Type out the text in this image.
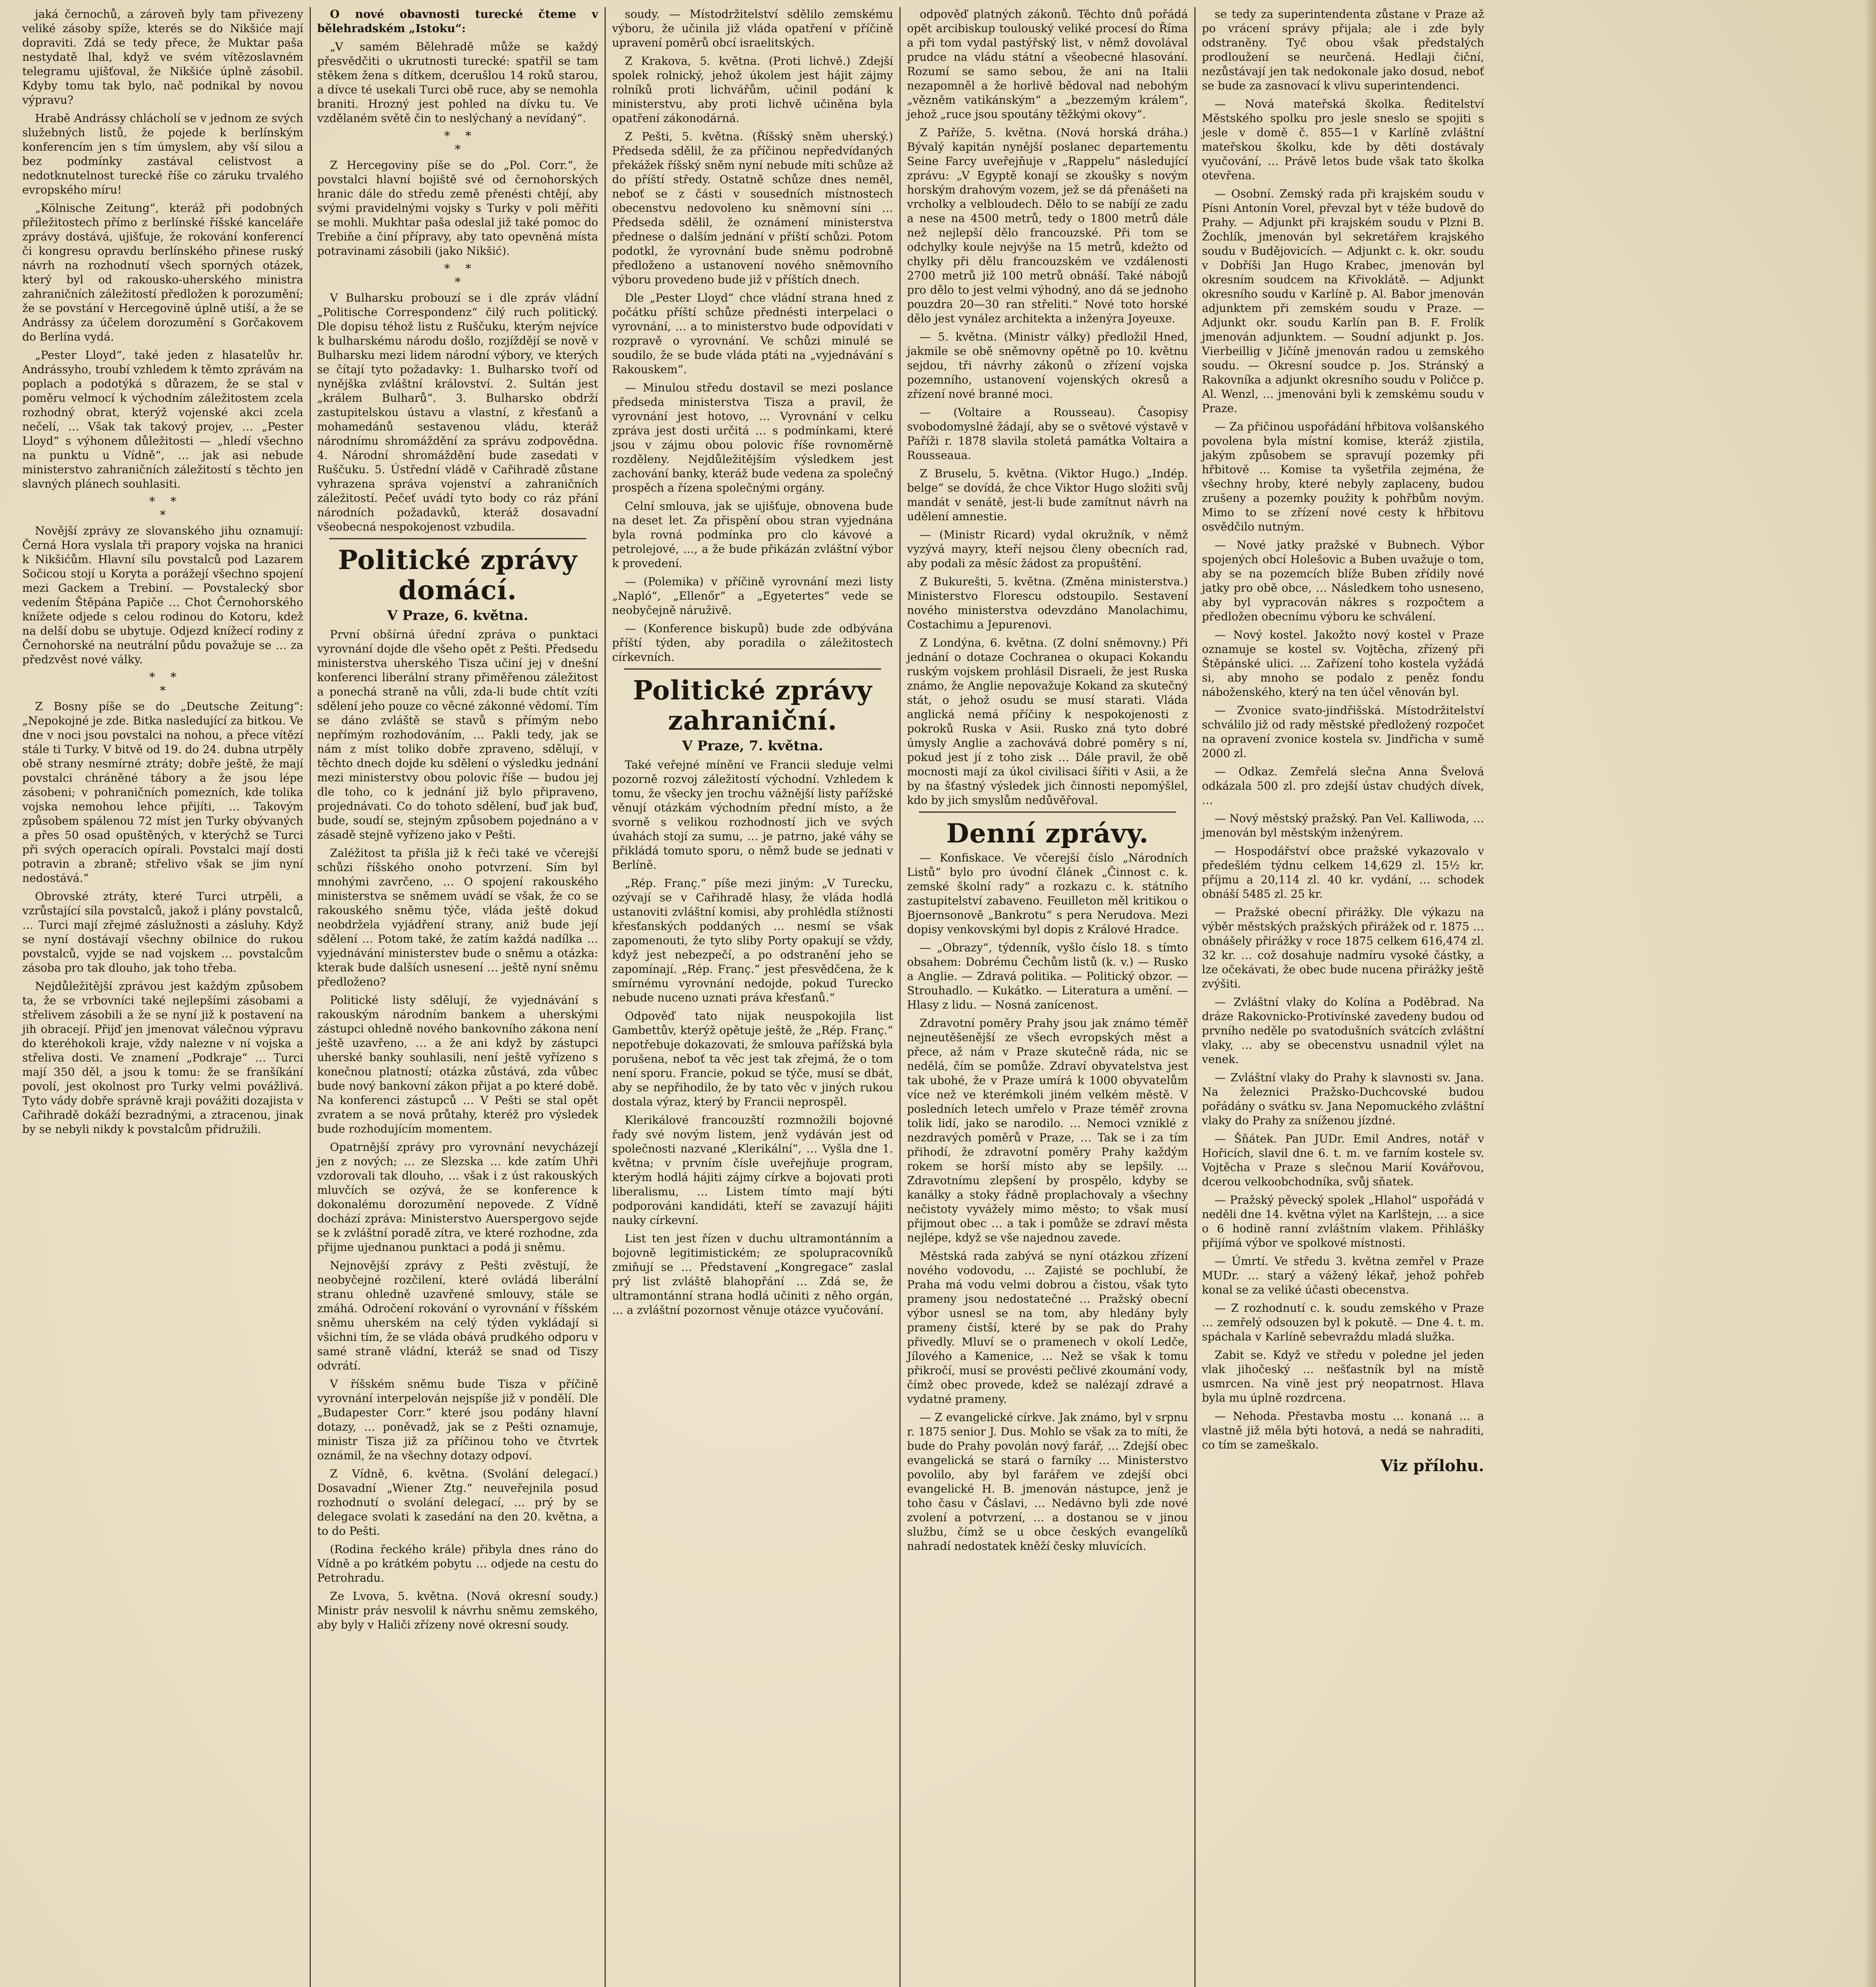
jaká černochů, a zároveň byly tam přivezeny veliké zásoby spíže, kterés se do Nikšiće mají dopraviti. Zdá se tedy přece, že Muktar paša nestydatě lhal, když ve svém vítězoslavném telegramu ujišťoval, že Nikšiće úplně zásobil. Kdyby tomu tak bylo, nač podnikal by novou výpravu?

Hrabě Andrássy chlácholí se v jednom ze svých služebných listů, že pojede k berlínským konferencím jen s tím úmyslem, aby vší silou a bez podmínky zastával celistvost a nedotknutelnost turecké říše co záruku trvalého evropského míru!

„Kölnische Zeitung“, kteráž při podobných příležitostech přímo z berlínské říšské kanceláře zprávy dostává, ujišťuje, že rokování konferencí či kongresu opravdu berlínského přinese ruský návrh na rozhodnutí všech sporných otázek, který byl od rakousko-uherského ministra zahraničních záležitostí předložen k porozumění; že se povstání v Hercegovině úplně utiší, a že se Andrássy za účelem dorozumění s Gorčakovem do Berlína vydá.

„Pester Lloyd“, také jeden z hlasatelův hr. Andrássyho, troubí vzhledem k těmto zprávám na poplach a podotýká s důrazem, že se stal v poměru velmocí k východním záležitostem zcela rozhodný obrat, kterýž vojenské akci zcela nečelí, … Však tak takový projev, … „Pester Lloyd“ s výhonem důležitosti — „hledí všechno na punktu u Vídně“, … jak asi nebude ministerstvo zahraničních záležitostí s těchto jen slavných plánech souhlasiti.

*    *
*

Novější zprávy ze slovanského jihu oznamují: Černá Hora vyslala tři prapory vojska na hranici k Nikšićům. Hlavní sílu povstalců pod Lazarem Sočicou stojí u Koryta a porážejí všechno spojení mezi Gackem a Trebiní. — Povstalecký sbor vedením Štěpána Papiče … Chot Černohorského knížete odjede s celou rodinou do Kotoru, kdež na delší dobu se ubytuje. Odjezd knížecí rodiny z Černohorské na neutrální půdu považuje se … za předzvěst nové války.

*    *
*

Z Bosny píše se do „Deutsche Zeitung“: „Nepokojné je zde. Bitka nasledující za bitkou. Ve dne v noci jsou povstalci na nohou, a přece vítězí stále ti Turky. V bitvě od 19. do 24. dubna utrpěly obě strany nesmírné ztráty; dobře ještě, že mají povstalci chráněné tábory a že jsou lépe zásobeni; v pohraničních pomezních, kde tolika vojska nemohou lehce přijíti, … Takovým způsobem spálenou 72 míst jen Turky obývaných a přes 50 osad opuštěných, v kterýchž se Turci při svých operacích opírali. Povstalci mají dosti potravin a zbraně; střelivo však se jim nyní nedostává.“

Obrovské ztráty, které Turci utrpěli, a vzrůstající síla povstalců, jakož i plány povstalců, … Turci mají zřejmé záslužnosti a zásluhy. Když se nyní dostávají všechny obilnice do rukou povstalců, vyjde se nad vojskem … povstalcům zásoba pro tak dlouho, jak toho třeba.

Nejdůležitější zprávou jest každým způsobem ta, že se vrbovníci také nejlepšími zásobami a střelivem zásobili a že se nyní již k postavení na jih obracejí. Přijď jen jmenovat válečnou výpravu do kteréhokoli kraje, vždy nalezne v ní vojska a střeliva dosti. Ve znamení „Podkraje“ … Turci mají 350 děl, a jsou k tomu: že se franšíkání povolí, jest okolnost pro Turky velmi povážlivá. Tyto vády dobře správně kraji povážiti dozajista v Cařihradě dokáží bezradnými, a ztracenou, jinak by se nebyli nikdy k povstalcům přidružili.

O nové obavnosti turecké čteme v bělehradském „Istoku“:

„V samém Bělehradě může se každý přesvědčiti o ukrutnosti turecké: spatřil se tam stěkem žena s dítkem, dcerušlou 14 roků starou, a dívce té usekali Turci obě ruce, aby se nemohla braniti. Hrozný jest pohled na dívku tu. Ve vzdělaném světě čin to neslýchaný a nevídaný“.

*    *
*

Z Hercegoviny píše se do „Pol. Corr.“, že povstalci hlavní bojiště své od černohorských hranic dále do středu země přenésti chtějí, aby svými pravidelnými vojsky s Turky v poli měřiti se mohli. Mukhtar paša odeslal již také pomoc do Trebiňe a činí přípravy, aby tato opevněná místa potravinami zásobili (jako Nikšić).

*    *
*

V Bulharsku probouzí se i dle zpráv vládní „Politische Correspondenz“ čilý ruch politický. Dle dopisu téhož listu z Ruščuku, kterým nejvíce k bulharskému národu došlo, rozjíždějí se nově v Bulharsku mezi lidem národní výbory, ve kterých se čítají tyto požadavky: 1. Bulharsko tvoří od nynějška zvláštní království. 2. Sultán jest „králem Bulharů“. 3. Bulharsko obdrží zastupitelskou ústavu a vlastní, z křesťanů a mohamedánů sestavenou vládu, kteráž národnímu shromáždění za správu zodpovědna. 4. Národní shromáždění bude zasedati v Ruščuku. 5. Ústřední vládě v Cařihradě zůstane vyhrazena správa vojenství a zahraničních záležitostí. Pečeť uvádí tyto body co ráz přání národních požadavků, kteráž dosavadní všeobecná nespokojenost vzbudila.

Politické zprávy domácí.
V Praze, 6. května.

První obšírná úřední zpráva o punktaci vyrovnání dojde dle všeho opět z Pešti. Předsedu ministerstva uherského Tisza učiní jej v dnešní konferenci liberální strany přiměřenou záležitost a ponechá straně na vůli, zda-li bude chtít vzíti sdělení jeho pouze co věcné zákonné vědomí. Tím se dáno zvláště se stavů s přímým nebo nepřímým rozhodováním, … Pakli tedy, jak se nám z míst toliko dobře zpraveno, sdělují, v těchto dnech dojde ku sdělení o výsledku jednání mezi ministerstvy obou polovic říše — budou jej dle toho, co k jednání již bylo připraveno, projednávati. Co do tohoto sdělení, buď jak buď, bude, soudí se, stejným způsobem pojednáno a v zásadě stejně vyřízeno jako v Pešti.

Zaléžitost ta přišla již k řeči také ve včerejší schůzi říšského onoho potvrzení. Sím byl mnohými zavrčeno, … O spojení rakouského ministerstva se sněmem uvádí se však, že co se rakouského sněmu týče, vláda ještě dokud neobdržela vyjádření strany, aniž bude její sdělení … Potom také, že zatím každá nadílka … vyjednávání ministerstev bude o sněmu a otázka: kterak bude dalších usnesení … ještě nyní sněmu předloženo?

Politické listy sdělují, že vyjednávání s rakouským národním bankem a uherskými zástupci ohledně nového bankovního zákona není ještě uzavřeno, … a že ani když by zástupci uherské banky souhlasili, není ještě vyřízeno s konečnou platností; otázka zůstává, zda vůbec bude nový bankovní zákon přijat a po které době. Na konferenci zástupců … V Pešti se stal opět zvratem a se nová průtahy, kteréž pro výsledek bude rozhodujícím momentem.

Opatrnější zprávy pro vyrovnání nevycházejí jen z nových; … ze Slezska … kde zatím Uhři vzdorovali tak dlouho, … však i z úst rakouských mluvčích se ozývá, že se konference k dokonalému dorozumění nepovede. Z Vídně dochází zpráva: Ministerstvo Auerspergovo sejde se k zvláštní poradě zítra, ve které rozhodne, zda přijme ujednanou punktaci a podá ji sněmu.

Nejnovější zprávy z Pešti zvěstují, že neobyčejné rozčilení, které ovládá liberální stranu ohledně uzavřené smlouvy, stále se zmáhá. Odročení rokování o vyrovnání v říšském sněmu uherském na celý týden vykládají si všichni tím, že se vláda obává prudkého odporu v samé straně vládní, kteráž se snad od Tiszy odvrátí.

V říšském sněmu bude Tisza v příčině vyrovnání interpelován nejspíše již v pondělí. Dle „Budapester Corr.“ které jsou podány hlavní dotazy, … poněvadž, jak se z Pešti oznamuje, ministr Tisza již za příčinou toho ve čtvrtek oznámil, že na všechny dotazy odpoví.

Z Vídně, 6. května. (Svolání delegací.) Dosavadní „Wiener Ztg.“ neuveřejnila posud rozhodnutí o svolání delegací, … prý by se delegace svolati k zasedání na den 20. května, a to do Pešti.

(Rodina řeckého krále) přibyla dnes ráno do Vídně a po krátkém pobytu … odjede na cestu do Petrohradu.

Ze Lvova, 5. května. (Nová okresní soudy.) Ministr práv nesvolil k návrhu sněmu zemského, aby byly v Haliči zřízeny nové okresní soudy.

soudy. — Místodržitelství sdělilo zemskému výboru, že učinila již vláda opatření v příčině upravení poměrů obcí israelitských.

Z Krakova, 5. května. (Proti lichvě.) Zdejší spolek rolnický, jehož úkolem jest hájit zájmy rolníků proti lichvářům, učinil podání k ministerstvu, aby proti lichvě učiněna byla opatření zákonodárná.

Z Pešti, 5. května. (Říšský sněm uherský.) Předseda sdělil, že za příčinou nepředvídaných překážek říšský sněm nyní nebude míti schůze až do příští středy. Ostatně schůze dnes neměl, neboť se z části v sousedních místnostech obecenstvu nedovoleno ku sněmovní síni … Předseda sdělil, že oznámení ministerstva přednese o dalším jednání v příští schůzi. Potom podotkl, že vyrovnání bude sněmu podrobně předloženo a ustanovení nového sněmovního výboru provedeno bude již v příštích dnech.

Dle „Pester Lloyd“ chce vládní strana hned z počátku příští schůze přednésti interpelaci o vyrovnání, … a to ministerstvo bude odpovídati v rozpravě o vyrovnání. Ve schůzi minulé se soudilo, že se bude vláda ptáti na „vyjednávání s Rakouskem“.

— Minulou středu dostavil se mezi poslance předseda ministerstva Tisza a pravil, že vyrovnání jest hotovo, … Vyrovnání v celku zpráva jest dosti určitá … s podmínkami, které jsou v zájmu obou polovic říše rovnoměrně rozděleny. Nejdůležitějším výsledkem jest zachování banky, kteráž bude vedena za společný prospěch a řízena společnými orgány.

Celní smlouva, jak se ujišťuje, obnovena bude na deset let. Za přispění obou stran vyjednána byla rovná podmínka pro clo kávové a petrolejové, …, a že bude přikázán zvláštní výbor k provedení.

— (Polemika) v příčině vyrovnání mezi listy „Napló“, „Ellenőr“ a „Egyetertes“ vede se neobyčejně náruživě.

— (Konference biskupů) bude zde odbývána příští týden, aby poradila o záležitostech církevních.

Politické zprávy zahraniční.
V Praze, 7. května.

Také veřejné mínění ve Francii sleduje velmi pozorně rozvoj záležitostí východní. Vzhledem k tomu, že všecky jen trochu vážnější listy pařížské věnují otázkám východním přední místo, a že svorně s velikou rozhodností jich ve svých úvahách stojí za sumu, … je patrno, jaké váhy se přikládá tomuto sporu, o němž bude se jednati v Berlíně.

„Rép. Franç.“ píše mezi jiným: „V Turecku, ozývají se v Cařihradě hlasy, že vláda hodlá ustanoviti zvláštní komisi, aby prohlédla stížnosti křesťanských poddaných … nesmí se však zapomenouti, že tyto sliby Porty opakují se vždy, když jest nebezpečí, a po odstranění jeho se zapomínají. „Rép. Franç.“ jest přesvědčena, že k smírnému vyrovnání nedojde, pokud Turecko nebude nuceno uznati práva křesťanů.“

Odpověď tato nijak neuspokojila list Gambettův, kterýž opětuje ještě, že „Rép. Franç.“ nepotřebuje dokazovati, že smlouva pařížská byla porušena, neboť ta věc jest tak zřejmá, že o tom není sporu. Francie, pokud se týče, musí se dbát, aby se nepřihodilo, že by tato věc v jiných rukou dostala výraz, který by Francii neprospěl.

Klerikálové francouzští rozmnožili bojovné řady své novým listem, jenž vydáván jest od společnosti nazvané „Klerikální“, … Vyšla dne 1. května; v prvním čísle uveřejňuje program, kterým hodlá hájiti zájmy církve a bojovati proti liberalismu, … Listem tímto mají býti podporováni kandidáti, kteří se zavazují hájiti nauky církevní.

List ten jest řízen v duchu ultramontánním a bojovně legitimistickém; ze spolupracovníků zmiňují se … Představení „Kongregace“ zaslal prý list zvláště blahopřání … Zdá se, že ultramontánní strana hodlá učiniti z něho orgán, … a zvláštní pozornost věnuje otázce vyučování.

odpověď platných zákonů. Těchto dnů pořádá opět arcibiskup toulouský veliké procesí do Říma a při tom vydal pastýřský list, v němž dovolával prudce na vládu státní a všeobecné hlasování. Rozumí se samo sebou, že ani na Italii nezapomněl a že horlivě bědoval nad nebohým „vězněm vatikánským“ a „bezzemým králem“, jehož „ruce jsou spoutány těžkými okovy“.

Z Paříže, 5. května. (Nová horská dráha.) Bývalý kapitán nynější poslanec departementu Seine Farcy uveřejňuje v „Rappelu“ následující zprávu: „V Egyptě konají se zkoušky s novým horským drahovým vozem, jež se dá přenášeti na vrcholky a velbloudech. Dělo to se nabíjí ze zadu a nese na 4500 metrů, tedy o 1800 metrů dále než nejlepší dělo francouzské. Při tom se odchylky koule nejvýše na 15 metrů, kdežto od chylky při dělu francouzském ve vzdálenosti 2700 metrů již 100 metrů obnáší. Také nábojů pro dělo to jest velmi výhodný, ano dá se jednoho pouzdra 20—30 ran střeliti.“ Nové toto horské dělo jest vynález architekta a inženýra Joyeuxe.

— 5. května. (Ministr války) předložil Hned, jakmile se obě sněmovny opětně po 10. květnu sejdou, tři návrhy zákonů o zřízení vojska pozemního, ustanovení vojenských okresů a zřízení nové branné moci.

— (Voltaire a Rousseau). Časopisy svobodomyslné žádají, aby se o světové výstavě v Paříži r. 1878 slavila stoletá památka Voltaira a Rousseaua.

Z Bruselu, 5. května. (Viktor Hugo.) „Indép. belge“ se dovídá, že chce Viktor Hugo složiti svůj mandát v senátě, jest-li bude zamítnut návrh na udělení amnestie.

— (Ministr Ricard) vydal okružník, v němž vyzývá mayry, kteří nejsou členy obecních rad, aby podali za měsíc žádost za propuštění.

Z Bukurešti, 5. května. (Změna ministerstva.) Ministerstvo Florescu odstoupilo. Sestavení nového ministerstva odevzdáno Manolachimu, Costachimu a Jepurenovi.

Z Londýna, 6. května. (Z dolní sněmovny.) Při jednání o dotaze Cochranea o okupaci Kokandu ruským vojskem prohlásil Disraeli, že jest Ruska známo, že Anglie nepovažuje Kokand za skutečný stát, o jehož osudu se musí starati. Vláda anglická nemá příčiny k nespokojenosti z pokroků Ruska v Asii. Rusko zná tyto dobré úmysly Anglie a zachovává dobré poměry s ní, pokud jest jí z toho zisk … Dále pravil, že obě mocnosti mají za úkol civilisaci šířiti v Asii, a že by na šťastný výsledek jich činnosti nepomýšlel, kdo by jich smyslům nedůvěřoval.

Denní zprávy.

— Konfiskace. Ve včerejší číslo „Národních Listů“ bylo pro úvodní článek „Činnost c. k. zemské školní rady“ a rozkazu c. k. státního zastupitelství zabaveno. Feuilleton měl kritikou o Bjoernsonově „Bankrotu“ s pera Nerudova. Mezi dopisy venkovskými byl dopis z Králové Hradce.

— „Obrazy“, týdenník, vyšlo číslo 18. s tímto obsahem: Dobrému Čechům listů (k. v.) — Rusko a Anglie. — Zdravá politika. — Politický obzor. — Strouhadlo. — Kukátko. — Literatura a umění. — Hlasy z lidu. — Nosná zanícenost.

Zdravotní poměry Prahy jsou jak známo téměř nejneutěšenější ze všech evropských měst a přece, až nám v Praze skutečně ráda, nic se nedělá, čím se pomůže. Zdraví obyvatelstva jest tak ubohé, že v Praze umírá k 1000 obyvatelům více než ve kterémkoli jiném velkém městě. V posledních letech umřelo v Praze téměř zrovna tolik lidí, jako se narodilo. … Nemoci vzniklé z nezdravých poměrů v Praze, … Tak se i za tím přihodí, že zdravotní poměry Prahy každým rokem se horší místo aby se lepšily. … Zdravotnímu zlepšení by prospělo, kdyby se kanálky a stoky řádně proplachovaly a všechny nečistoty vyvážely mimo město; to však musí přijmout obec … a tak i pomůže se zdraví města nejlépe, když se vše najednou zavede.

Městská rada zabývá se nyní otázkou zřízení nového vodovodu, … Zajisté se pochlubí, že Praha má vodu velmi dobrou a čistou, však tyto prameny jsou nedostatečné … Pražský obecní výbor usnesl se na tom, aby hledány byly prameny čistší, které by se pak do Prahy přivedly. Mluví se o pramenech v okolí Ledče, Jílového a Kamenice, … Než se však k tomu přikročí, musí se provésti pečlivé zkoumání vody, čímž obec provede, kdež se nalézají zdravé a vydatné prameny.

— Z evangelické církve. Jak známo, byl v srpnu r. 1875 senior J. Dus. Mohlo se však za to míti, že bude do Prahy povolán nový farář, … Zdejší obec evangelická se stará o farníky … Ministerstvo povolilo, aby byl farářem ve zdejší obci evangelické H. B. jmenován nástupce, jenž je toho času v Čáslavi, … Nedávno byli zde nové zvolení a potvrzení, … a dostanou se v jinou službu, čímž se u obce českých evangelíků nahradí nedostatek kněží česky mluvících.

se tedy za superintendenta zůstane v Praze až po vrácení správy přijala; ale i zde byly odstraněny. Tyč obou však předstalých prodloužení se neurčená. Hedlaji čiční, nezůstávají jen tak nedokonale jako dosud, neboť se bude za zasnovací k vlivu superintendenci.

— Nová mateřská školka. Ředitelství Městského spolku pro jesle sneslo se spojiti s jesle v domě č. 855—1 v Karlíně zvláštní mateřskou školku, kde by děti dostávaly vyučování, … Právě letos bude však tato školka otevřena.

— Osobní. Zemský rada při krajském soudu v Písni Antonín Vorel, převzal byt v téže budově do Prahy. — Adjunkt při krajském soudu v Plzni B. Žochlík, jmenován byl sekretářem krajského soudu v Budějovicích. — Adjunkt c. k. okr. soudu v Dobříši Jan Hugo Krabec, jmenován byl okresním soudcem na Křivoklátě. — Adjunkt okresního soudu v Karlíně p. Al. Babor jmenován adjunktem při zemském soudu v Praze. — Adjunkt okr. soudu Karlín pan B. F. Frolík jmenován adjunktem. — Soudní adjunkt p. Jos. Vierbeillig v Jičíně jmenován radou u zemského soudu. — Okresní soudce p. Jos. Stránský a Rakovníka a adjunkt okresního soudu v Poličce p. Al. Wenzl, … jmenováni byli k zemskému soudu v Praze.

— Za přičinou uspořádání hřbitova volšanského povolena byla místní komise, kteráž zjistila, jakým způsobem se spravují pozemky při hřbitově … Komise ta vyšetřila zejména, že všechny hroby, které nebyly zaplaceny, budou zrušeny a pozemky použity k pohřbům novým. Mimo to se zřízení nové cesty k hřbitovu osvědčilo nutným.

— Nové jatky pražské v Bubnech. Výbor spojených obcí Holešovic a Buben uvažuje o tom, aby se na pozemcích blíže Buben zřídily nové jatky pro obě obce, … Následkem toho usneseno, aby byl vypracován nákres s rozpočtem a předložen obecnímu výboru ke schválení.

— Nový kostel. Jakožto nový kostel v Praze oznamuje se kostel sv. Vojtěcha, zřízený při Štěpánské ulici. … Zařízení toho kostela vyžádá si, aby mnoho se podalo z peněz fondu náboženského, který na ten účel věnován byl.

— Zvonice svato-jindřišská. Místodržitelství schválilo již od rady městské předložený rozpočet na opravení zvonice kostela sv. Jindřicha v sumě 2000 zl.

— Odkaz. Zemřelá slečna Anna Švelová odkázala 500 zl. pro zdejší ústav chudých dívek, …

— Nový městský pražský. Pan Vel. Kalliwoda, … jmenován byl městským inženýrem.

— Hospodářství obce pražské vykazovalo v předešlém týdnu celkem 14,629 zl. 15½ kr. příjmu a 20,114 zl. 40 kr. vydání, … schodek obnáší 5485 zl. 25 kr.

— Pražské obecní přirážky. Dle výkazu na výběr městských pražských přirážek od r. 1875 … obnášely přirážky v roce 1875 celkem 616,474 zl. 32 kr. … což dosahuje nadmíru vysoké částky, a lze očekávati, že obec bude nucena přirážky ještě zvýšiti.

— Zvláštní vlaky do Kolína a Poděbrad. Na dráze Rakovnicko-Protivínské zavedeny budou od prvního neděle po svatodušních svátcích zvláštní vlaky, … aby se obecenstvu usnadnil výlet na venek.

— Zvláštní vlaky do Prahy k slavnosti sv. Jana. Na železnici Pražsko-Duchcovské budou pořádány o svátku sv. Jana Nepomuckého zvláštní vlaky do Prahy za sníženou jízdné.

— Šňátek. Pan JUDr. Emil Andres, notář v Hořicích, slavil dne 6. t. m. ve farním kostele sv. Vojtěcha v Praze s slečnou Marií Kovářovou, dcerou velkoobchodníka, svůj sňatek.

— Pražský pěvecký spolek „Hlahol“ uspořádá v neděli dne 14. května výlet na Karlštejn, … a sice o 6 hodině ranní zvláštním vlakem. Přihlášky přijímá výbor ve spolkové místnosti.

— Úmrtí. Ve středu 3. května zemřel v Praze MUDr. … starý a vážený lékař, jehož pohřeb konal se za veliké účasti obecenstva.

— Z rozhodnutí c. k. soudu zemského v Praze … zemřelý odsouzen byl k pokutě. — Dne 4. t. m. spáchala v Karlíně sebevraždu mladá služka.

Zabit se. Když ve středu v poledne jel jeden vlak jihočeský … nešťastník byl na místě usmrcen. Na vině jest prý neopatrnost. Hlava byla mu úplně rozdrcena.

— Nehoda. Přestavba mostu … konaná … a vlastně již měla býti hotová, a nedá se nahraditi, co tím se zameškalo.

Viz přílohu.
